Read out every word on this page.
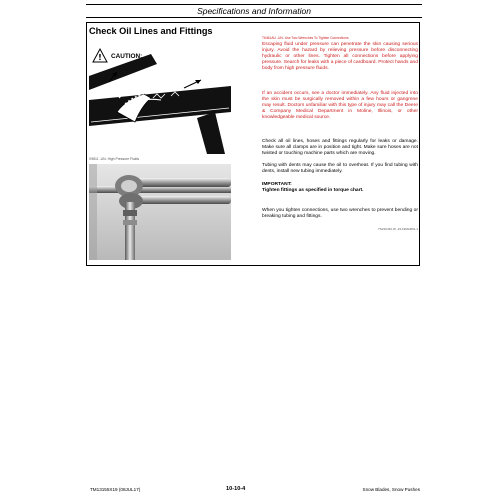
Specifications and Information
Check Oil Lines and Fittings
! CAUTION:
X9811 -UN- High Pressure Fluids
T6461AU -UN- Use Two Wrenches To Tighten Connections
Escaping fluid under pressure can penetrate the skin causing serious injury. Avoid the hazard by relieving pressure before disconnecting hydraulic or other lines. Tighten all connections before applying pressure. Search for leaks with a piece of cardboard. Protect hands and body from high pressure fluids.
If an accident occurs, see a doctor immediately. Any fluid injected into the skin must be surgically removed within a few hours or gangrene may result. Doctors unfamiliar with this type of injury may call the Deere & Company Medical Department in Moline, Illinois, or other knowledgeable medical source.
Check all oil lines, hoses and fittings regularly for leaks or damage. Make sure all clamps are in position and tight. Make sure hoses are not twisted or touching machine parts which are moving.
Tubing with dents may cause the oil to overheat. If you find tubing with dents, install new tubing immediately.
IMPORTANT:
Tighten fittings as specified in torque chart.
When you tighten connections, use two wrenches to prevent bending or breaking tubing and fittings.
TS219,MA,W -19-19MAR01-1
TM13155X19 (08JUL17)	10-10-4	Snow Blades, Snow Pushes
